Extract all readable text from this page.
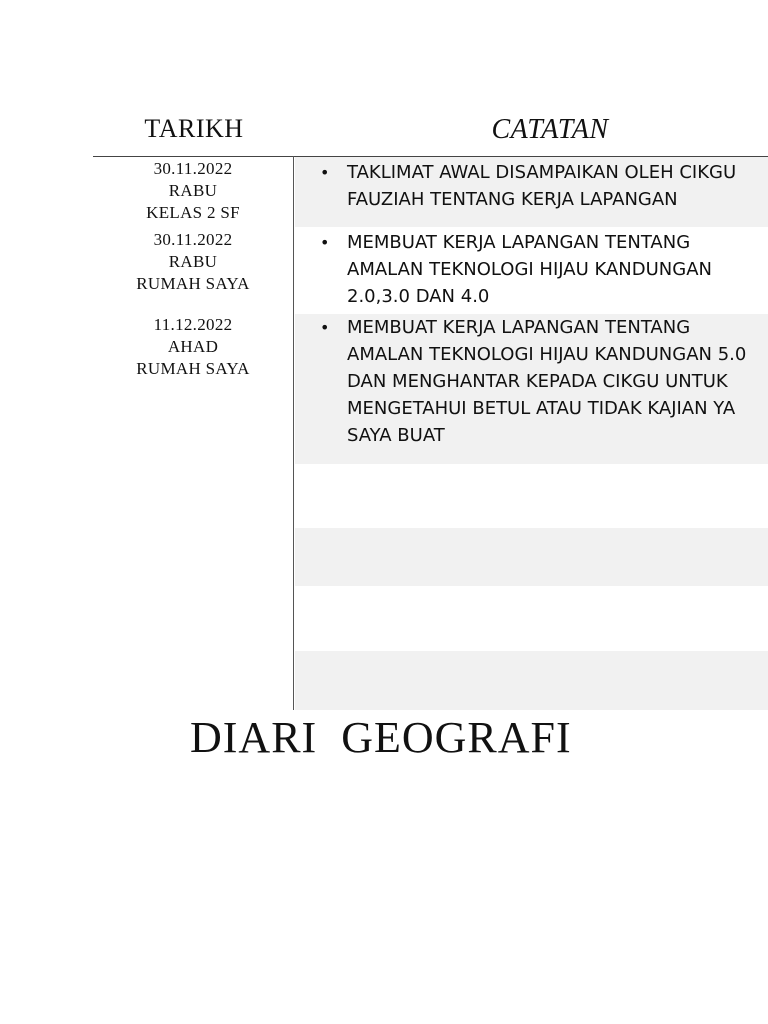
TARIKH	CATATAN
30.11.2022
RABU
KELAS 2 SF
• TAKLIMAT AWAL DISAMPAIKAN OLEH CIKGU
FAUZIAH TENTANG KERJA LAPANGAN
30.11.2022
RABU
RUMAH SAYA
• MEMBUAT KERJA LAPANGAN TENTANG
AMALAN TEKNOLOGI HIJAU KANDUNGAN
2.0,3.0 DAN 4.0
11.12.2022
AHAD
RUMAH SAYA
• MEMBUAT KERJA LAPANGAN TENTANG
AMALAN TEKNOLOGI HIJAU KANDUNGAN 5.0
DAN MENGHANTAR KEPADA CIKGU UNTUK
MENGETAHUI BETUL ATAU TIDAK KAJIAN YA
SAYA BUAT
DIARI  GEOGRAFI
